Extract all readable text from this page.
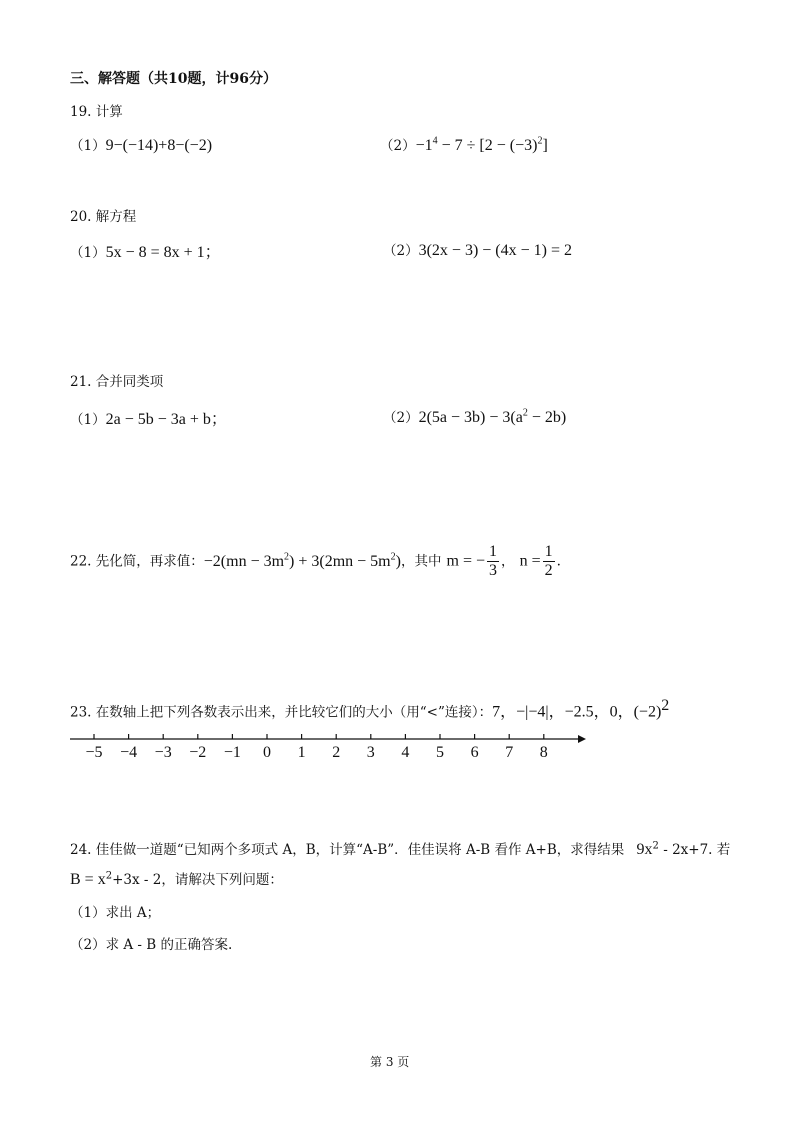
三、解答题（共10题，计96分）
19. 计算
（1）9−(−14)+8−(−2)	$(2)-1^4 - 7 \div [2 - (-3)^2]$
20. 解方程
（1）5x − 8 = 8x + 1；	（2）3(2x − 3) − (4x − 1) = 2
21. 合并同类项
（1）2a − 5b − 3a + b；	$(2)2(5a - 3b) - 3(a^2 - 2b)$
22. 先化简，再求值：$-2(mn - 3m^2) + 3(2mn - 5m^2)$，其中 m = − $\frac{1}{3}$ ， $n = \frac{1}{2}$ .
23. 在数轴上把下列各数表示出来，并比较它们的大小（用“<”连接）：7，−|−4|，−2.5，0，$(-2)^2$
−5 −4 −3 −2 −1 0 1 2 3 4 5 6 7 8
24. 佳佳做一道题“已知两个多项式 A，B，计算“A-B”．佳佳误将 A-B 看作 A+B，求得结果 $9x^2 - 2x+7$. 若
$B = x^2+3x - 2$，请解决下列问题：
（1）求出 A；
（2）求 A - B 的正确答案.
第 3 页
